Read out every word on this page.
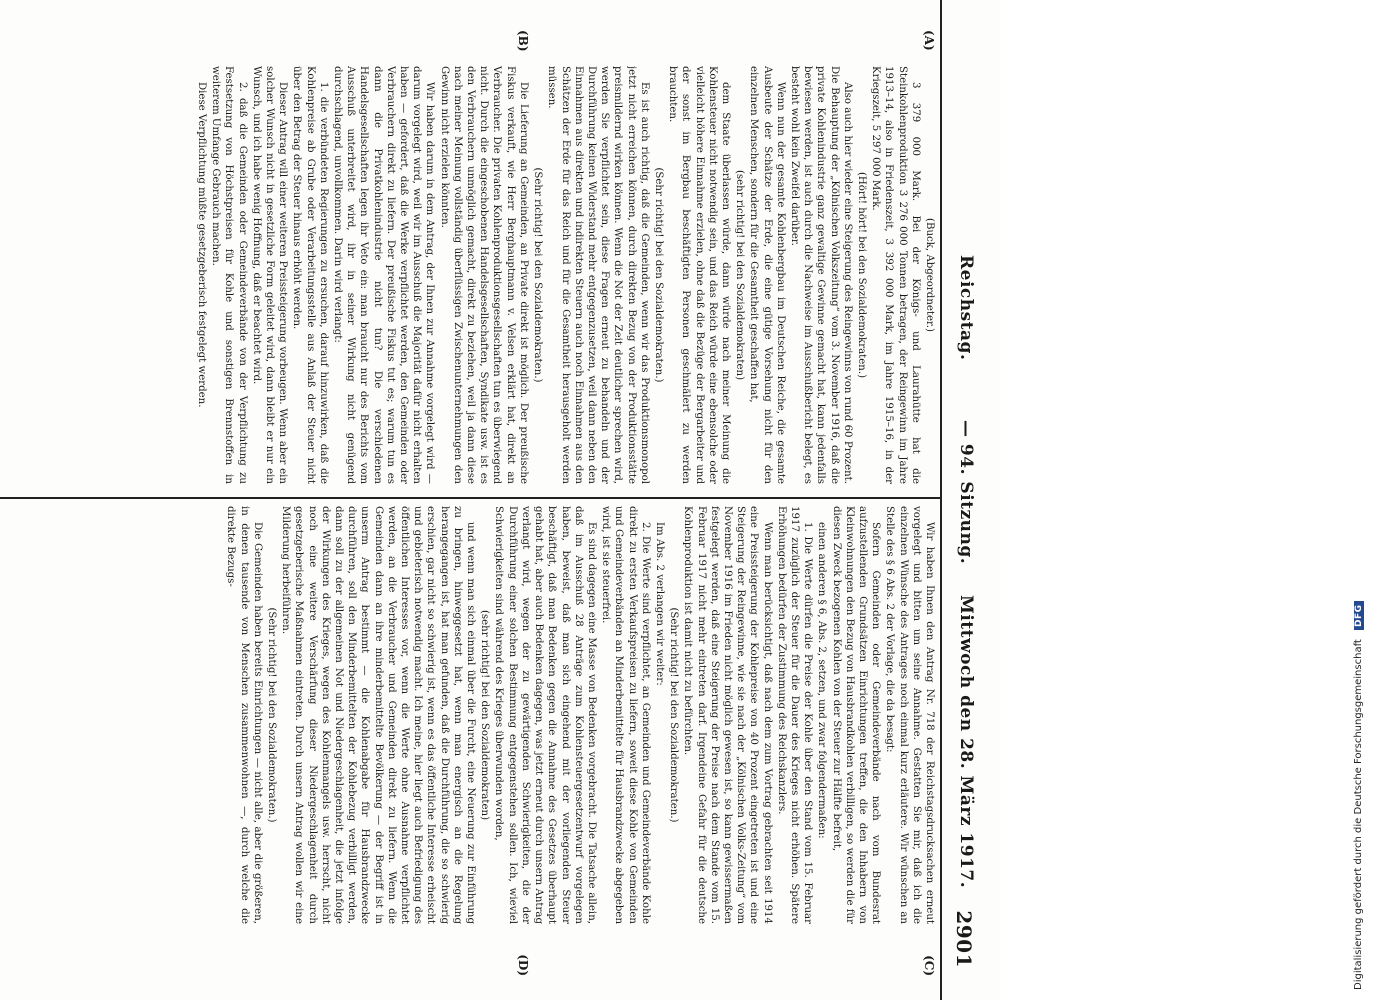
Reichstag.
— 94. Sitzung.
Mittwoch den 28. März 1917.
2901
(A)
(B)
(C)
(D)

(Buck, Abgeordneter.)

3 379 000 Mark. Bei der Königs- und Laurahütte hat die Steinkohlenproduktion 3 276 000 Tonnen betragen, der Reingewinn im Jahre 1913–14, also in Friedenszeit, 3 392 000 Mark, im Jahre 1915–16, in der Kriegszeit, 5 297 000 Mark.

(Hört! hört! bei den Sozialdemokraten.)

Also auch hier wieder eine Steigerung des Reingewinns von rund 60 Prozent. Die Behauptung der „Kölnischen Volkszeitung“ vom 3. November 1916, daß die private Kohlenindustrie ganz gewaltige Gewinne gemacht hat, kann jedenfalls bewiesen werden, ist auch durch die Nachweise im Ausschußbericht belegt, es besteht wohl kein Zweifel darüber.

Wenn nun der gesamte Kohlenbergbau im Deutschen Reiche, die gesamte Ausbeute der Schätze der Erde, die eine gütige Vorsehung nicht für den einzelnen Menschen, sondern für die Gesamtheit geschaffen hat,

(sehr richtig! bei den Sozialdemokraten)

dem Staate überlassen würde, dann würde nach meiner Meinung die Kohlensteuer nicht notwendig sein, und das Reich würde eine ebensolche oder vielleicht höhere Einnahme erzielen, ohne daß die Bezüge der Bergarbeiter und der sonst im Bergbau beschäftigten Personen geschmälert zu werden brauchten.

(Sehr richtig! bei den Sozialdemokraten.)

Es ist auch richtig, daß die Gemeinden, wenn wir das Produktionsmonopol jetzt nicht erreichen können, durch direkten Bezug von der Produktionsstätte preismildernd wirken können. Wenn die Not der Zeit deutlicher sprechen wird, werden Sie verpflichtet sein, diese Fragen erneut zu behandeln und der Durchführung keinen Widerstand mehr entgegenzusetzen, weil dann neben den Einnahmen aus direkten und indirekten Steuern auch noch Einnahmen aus den Schätzen der Erde für das Reich und für die Gesamtheit herausgeholt werden müssen.

(Sehr richtig! bei den Sozialdemokraten.)

Die Lieferung an Gemeinden, an Private direkt ist möglich. Der preußische Fiskus verkauft, wie Herr Berghauptmann v. Velsen erklärt hat, direkt an Verbraucher. Die privaten Kohlenproduktionsgesellschaften tun es überwiegend nicht. Durch die eingeschobenen Handelsgesellschaften, Syndikate usw. ist es den Verbrauchern unmöglich gemacht, direkt zu beziehen, weil ja dann diese nach meiner Meinung vollständig überflüssigen Zwischenunternehmungen den Gewinn nicht erzielen könnten.

Wir haben darum in dem Antrag, der Ihnen zur Annahme vorgelegt wird — darum vorgelegt wird, weil wir im Ausschuß die Majorität dafür nicht erhalten haben — gefordert, daß die Werke verpflichtet werden, den Gemeinden oder Verbrauchern direkt zu liefern. Der preußische Fiskus tut es; warum tun es dann die Privatkohlenindustrie nicht tun? Die verschiedenen Handelsgesellschaften legen ihr Veto ein: man braucht nur des Berichts vom Ausschuß unterbreitet wird, ihr in seiner Wirkung nicht genügend durchschlagend, unvollkommen. Darin wird verlangt:

1. die verbündeten Regierungen zu ersuchen, darauf hinzuwirken, daß die Kohlenpreise ab Grube oder Verarbeitungsstelle aus Anlaß der Steuer nicht über den Betrag der Steuer hinaus erhöht werden.

Dieser Antrag will einer weiteren Preissteigerung vorbeugen. Wenn aber ein solcher Wunsch nicht in gesetzliche Form geleitet wird, dann bleibt er nur ein Wunsch, und ich habe wenig Hoffnung, daß er beachtet wird.

2. daß die Gemeinden oder Gemeindeverbände von der Verpflichtung zu Festsetzung von Höchstpreisen für Kohle und sonstigen Brennstoffen in weiterem Umfange Gebrauch machen.

Diese Verpflichtung müßte gesetzgeberisch festgelegt werden.

Wir haben Ihnen den Antrag Nr. 718 der Reichstagsdrucksachen erneut vorgelegt und bitten um seine Annahme. Gestatten Sie mir, daß ich die einzelnen Wünsche des Antrages noch einmal kurz erläutere. Wir wünschen an Stelle des § 6 Abs. 2 der Vorlage, die da besagt:

Sofern Gemeinden oder Gemeindeverbände nach vom Bundesrat aufzustellenden Grundsätzen Einrichtungen treffen, die den Inhabern von Kleinwohnungen den Bezug von Hausbrandkohlen verbilligen, so werden die für diesen Zweck bezogenen Kohlen von der Steuer zur Hälfte befreit,

einen anderen § 6, Abs. 2, setzen, und zwar folgendermaßen:

1. Die Werte dürfen die Preise der Kohle über den Stand vom 15. Februar 1917 zuzüglich der Steuer für die Dauer des Krieges nicht erhöhen. Spätere Erhöhungen bedürfen der Zustimmung des Reichskanzlers.

Wenn man berücksichtigt, daß nach dem zum Vortrag gebrachten seit 1914 eine Preissteigerung der Kohlepreise von 40 Prozent eingetreten ist und eine Steigerung der Reingewinne, wie sie nach der „Kölnischen Volks-Zeitung“ vom November 1916 im Frieden nicht möglich gewesen ist, so kann gewissermaßen festgelegt werden, daß eine Steigerung der Preise nach dem Stande vom 15. Februar 1917 nicht mehr eintreten darf. Irgendeine Gefahr für die deutsche Kohlenproduktion ist damit nicht zu befürchten.

(Sehr richtig! bei den Sozialdemokraten.)

Im Abs. 2 verlangen wir weiter:

2. Die Werte sind verpflichtet, an Gemeinden und Gemeindeverbände Kohle direkt zu ersten Verkaufspreisen zu liefern, soweit diese Kohle von Gemeinden und Gemeindeverbänden an Minderbemittelte für Hausbrandzwecke abgegeben wird, ist sie steuerfrei.

Es sind dagegen eine Masse von Bedenken vorgebracht. Die Tatsache allein, daß im Ausschuß 28 Anträge zum Kohlensteuergesetzentwurf vorgelegen haben, beweist, daß man sich eingehend mit der vorliegenden Steuer beschäftigt, daß man Bedenken gegen die Annahme des Gesetzes überhaupt gehabt hat, aber auch Bedenken dagegen, was jetzt erneut durch unsern Antrag verlangt wird, wegen der zu gewärtigenden Schwierigkeiten, die der Durchführung einer solchen Bestimmung entgegenstehen sollen. Ich, wieviel Schwierigkeiten sind während des Krieges überwunden worden,

(sehr richtig! bei den Sozialdemokraten)

und wenn man sich einmal über die Furcht, eine Neuerung zur Einführung zu bringen, hinweggesetzt hat, wenn man energisch an die Regelung herangegangen ist, hat man gefunden, daß die Durchführung, die so schwierig erschien, gar nicht so schwierig ist, wenn es das öffentliche Interesse erheischt und gebieterisch notwendig macht. Ich meine, hier liegt auch Befriedigung des öffentlichen Interesses vor, wenn die Werte ohne Ausnahme verpflichtet werden, an die Verbraucher und Gemeinden direkt zu liefern. Wenn die Gemeinden dann an ihre minderbemittelte Bevölkerung — der Begriff ist in unserm Antrag bestimmt — die Kohlenabgabe für Hausbrandzwecke durchführen, soll den Minderbemittelten der Kohlebezug verbilligt werden, dann soll zu der allgemeinen Not und Niedergeschlagenheit, die jetzt infolge der Wirkungen des Krieges, wegen des Kohlenmangels usw. herrscht, nicht noch eine weitere Verschärfung dieser Niedergeschlagenheit durch gesetzgeberische Maßnahmen eintreten. Durch unsern Antrag wollen wir eine Milderung herbeiführen.

(Sehr richtig! bei den Sozialdemokraten.)

Die Gemeinden haben bereits Einrichtungen — nicht alle, aber die größeren, in denen tausende von Menschen zusammenwohnen —, durch welche die direkte Bezugs-

Digitalisierung gefördert durch die Deutsche Forschungsgemeinschaft DFG
